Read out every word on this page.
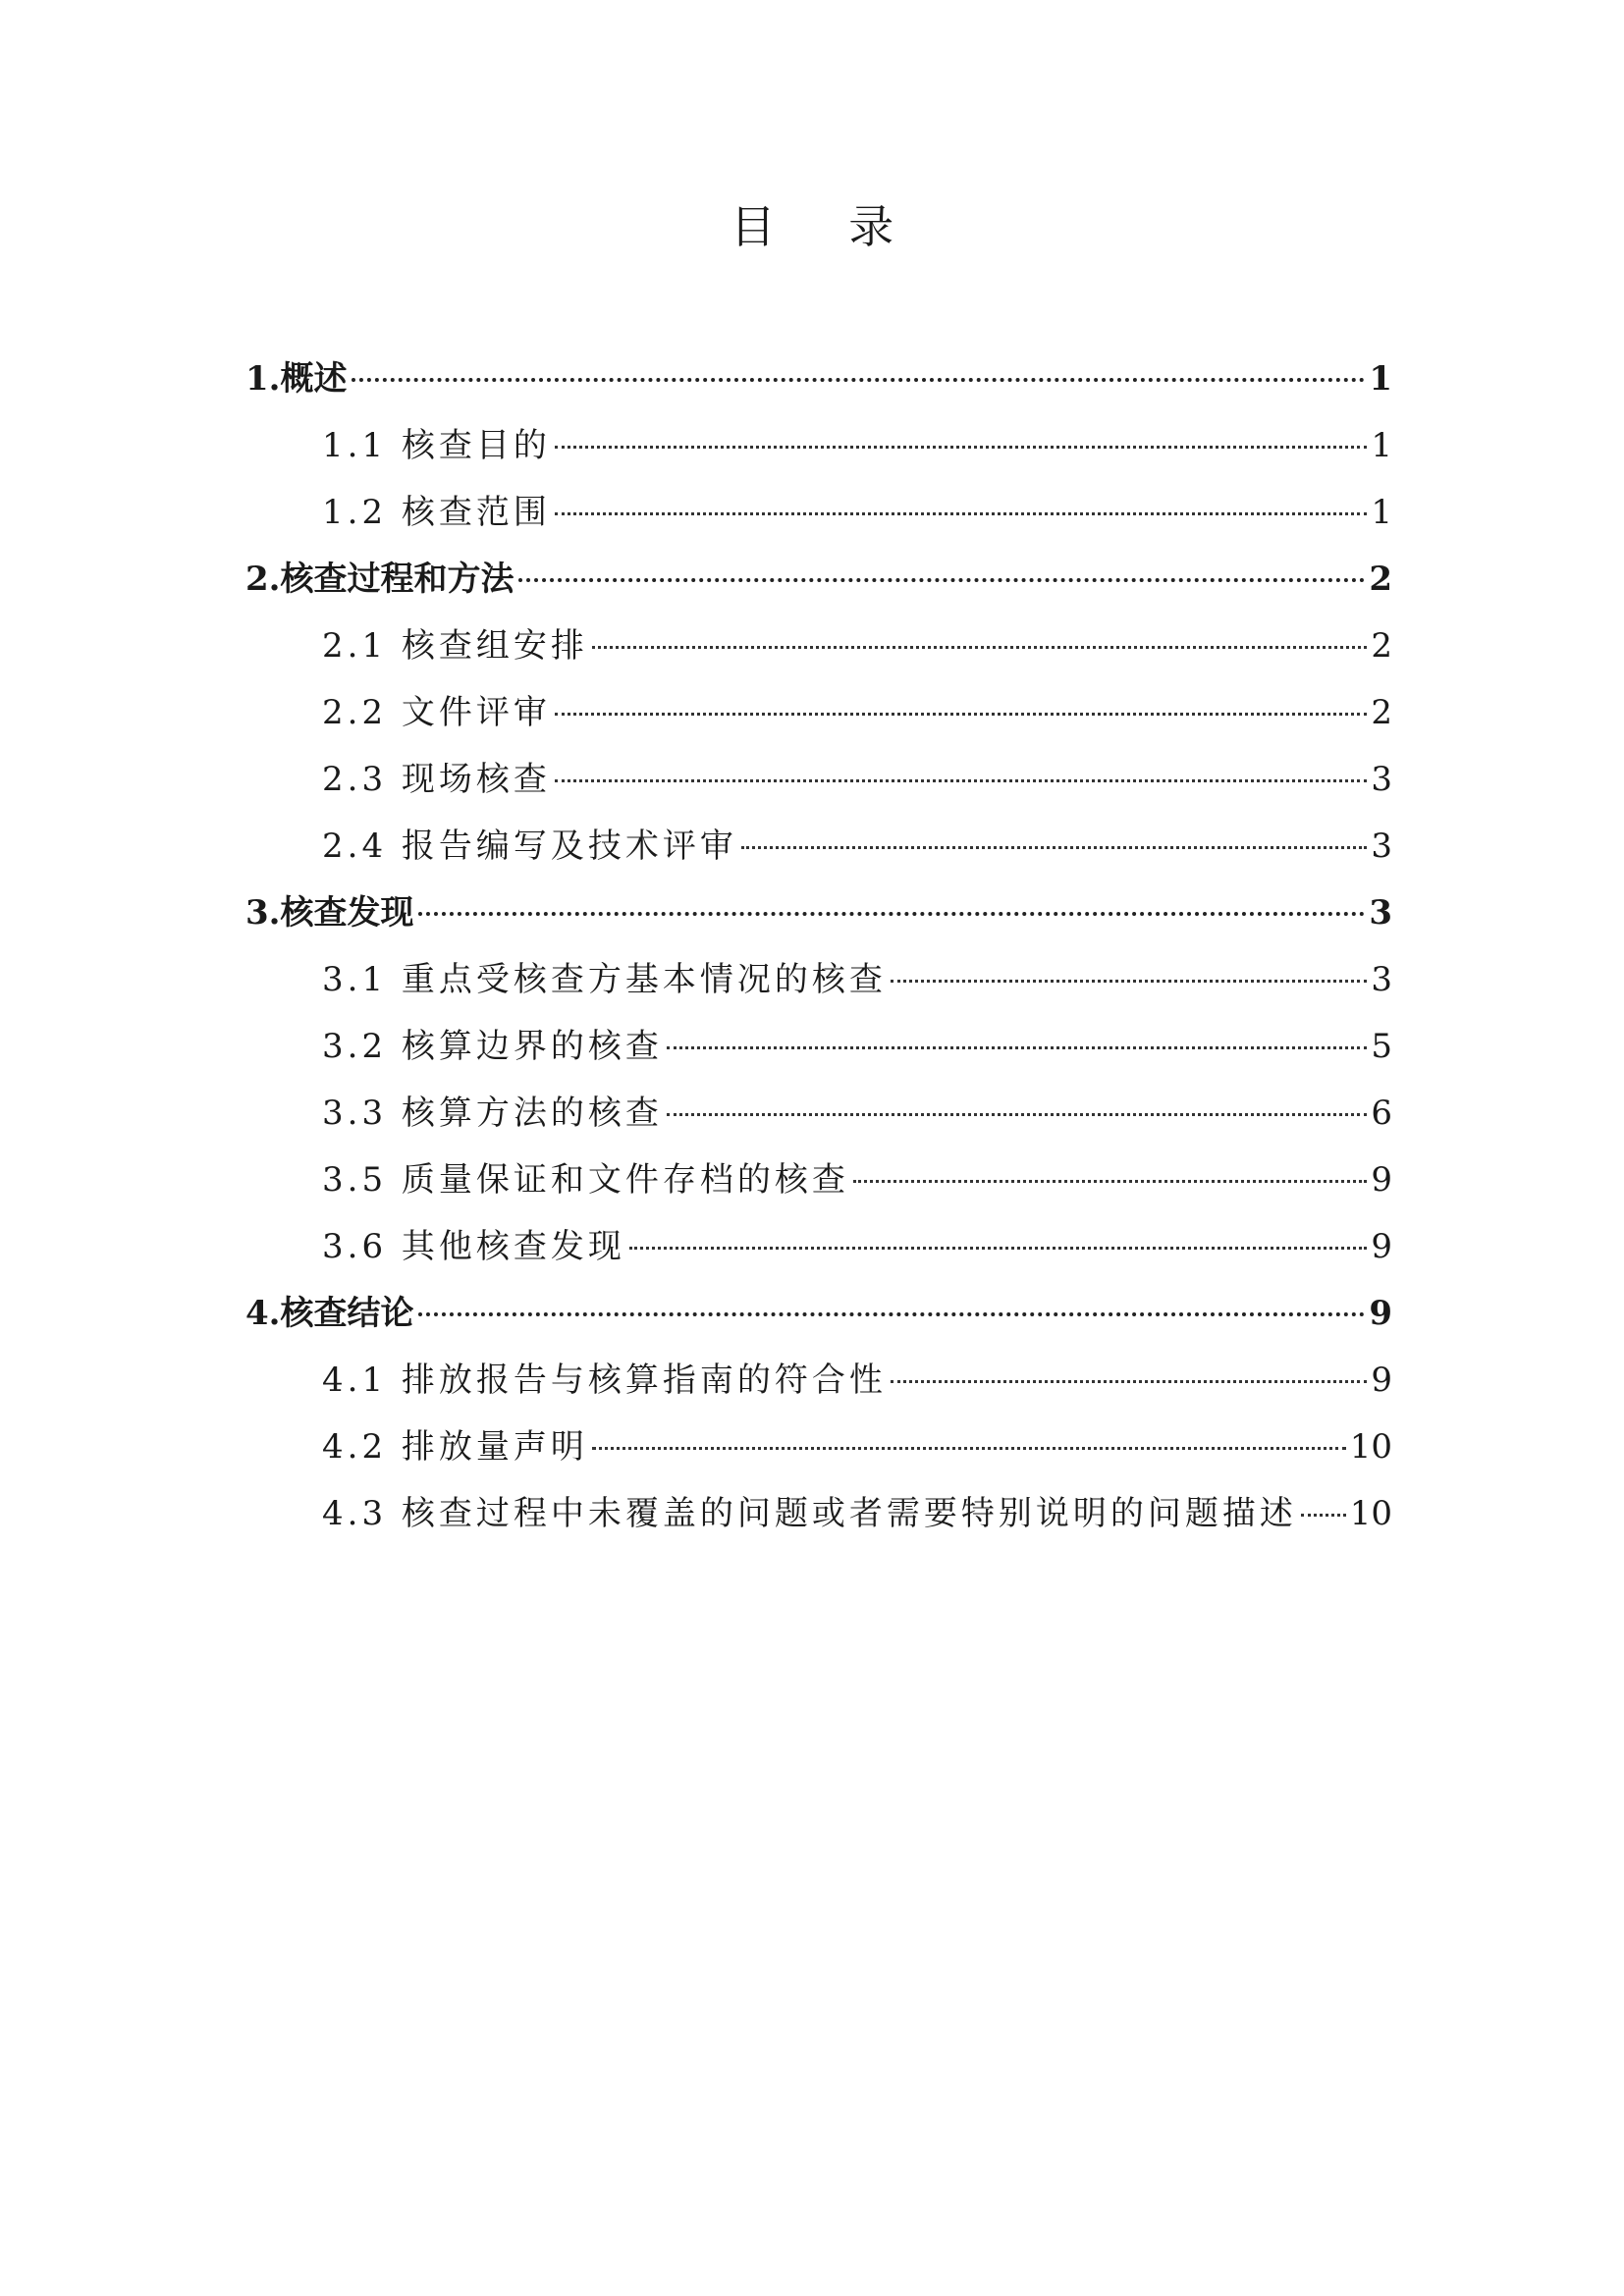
目 录
1.概述	1
1.1 核查目的	1
1.2 核查范围	1
2.核查过程和方法	2
2.1 核查组安排	2
2.2 文件评审	2
2.3 现场核查	3
2.4 报告编写及技术评审	3
3.核查发现	3
3.1 重点受核查方基本情况的核查	3
3.2 核算边界的核查	5
3.3 核算方法的核查	6
3.5 质量保证和文件存档的核查	9
3.6 其他核查发现	9
4.核查结论	9
4.1 排放报告与核算指南的符合性	9
4.2 排放量声明	10
4.3 核查过程中未覆盖的问题或者需要特别说明的问题描述 10
